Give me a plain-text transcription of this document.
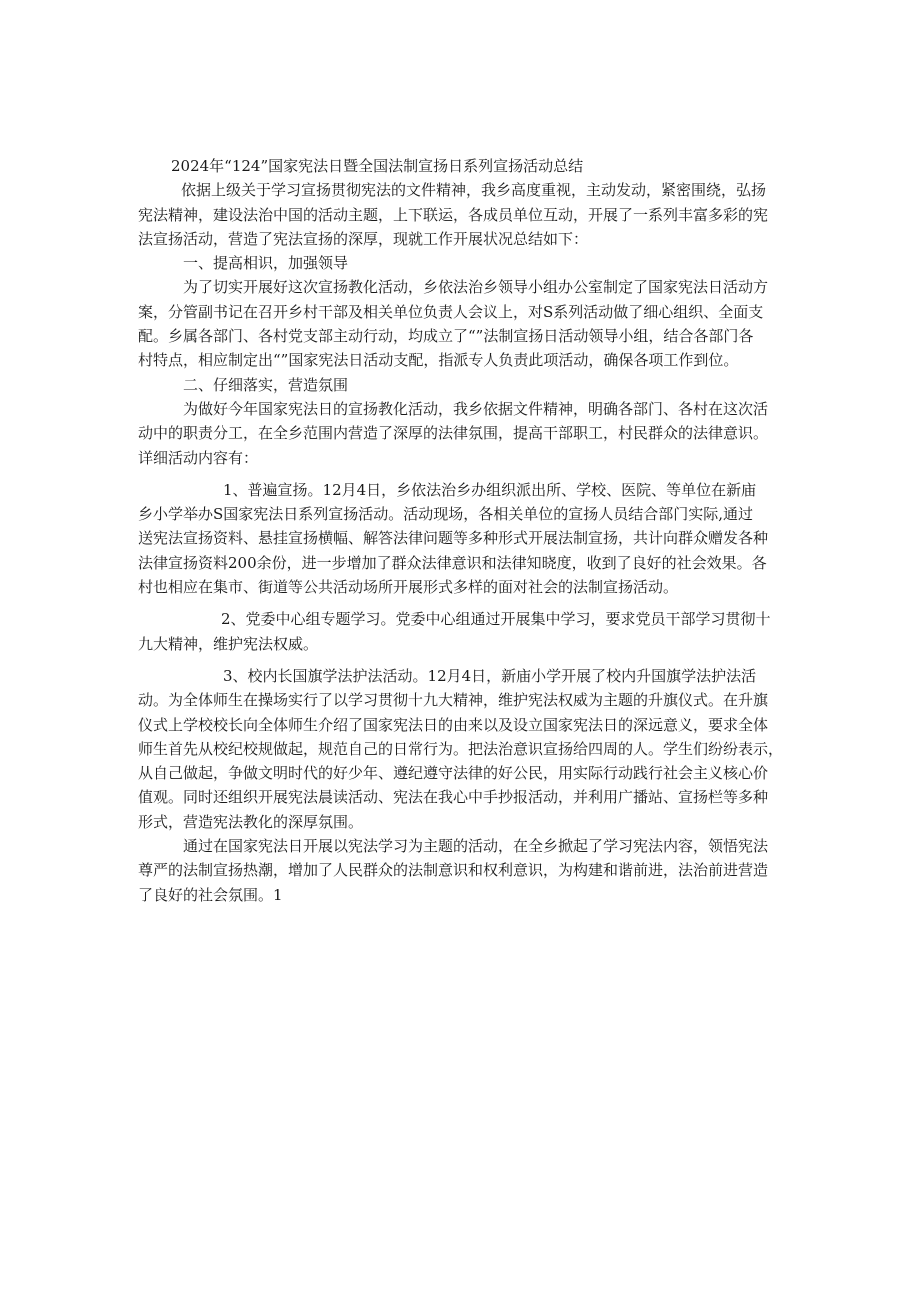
2024年“124”国家宪法日暨全国法制宣扬日系列宣扬活动总结
依据上级关于学习宣扬贯彻宪法的文件精神，我乡高度重视，主动发动，紧密围绕，弘扬
宪法精神，建设法治中国的活动主题，上下联运，各成员单位互动，开展了一系列丰富多彩的宪
法宣扬活动，营造了宪法宣扬的深厚，现就工作开展状况总结如下：
一、提高相识，加强领导
为了切实开展好这次宣扬教化活动，乡依法治乡领导小组办公室制定了国家宪法日活动方
案，分管副书记在召开乡村干部及相关单位负责人会议上，对S系列活动做了细心组织、全面支
配。乡属各部门、各村党支部主动行动，均成立了“”法制宣扬日活动领导小组，结合各部门各
村特点，相应制定出“”国家宪法日活动支配，指派专人负责此项活动，确保各项工作到位。
二、仔细落实，营造氛围
为做好今年国家宪法日的宣扬教化活动，我乡依据文件精神，明确各部门、各村在这次活
动中的职责分工，在全乡范围内营造了深厚的法律氛围，提高干部职工，村民群众的法律意识。
详细活动内容有：
1、普遍宣扬。12月4日，乡依法治乡办组织派出所、学校、医院、等单位在新庙
乡小学举办S国家宪法日系列宣扬活动。活动现场，各相关单位的宣扬人员结合部门实际,通过
送宪法宣扬资料、悬挂宣扬横幅、解答法律问题等多种形式开展法制宣扬，共计向群众赠发各种
法律宣扬资料200余份，进一步增加了群众法律意识和法律知晓度，收到了良好的社会效果。各
村也相应在集市、街道等公共活动场所开展形式多样的面对社会的法制宣扬活动。
2、党委中心组专题学习。党委中心组通过开展集中学习，要求党员干部学习贯彻十
九大精神，维护宪法权威。
3、校内长国旗学法护法活动。12月4日，新庙小学开展了校内升国旗学法护法活
动。为全体师生在操场实行了以学习贯彻十九大精神，维护宪法权威为主题的升旗仪式。在升旗
仪式上学校校长向全体师生介绍了国家宪法日的由来以及设立国家宪法日的深远意义，要求全体
师生首先从校纪校规做起，规范自己的日常行为。把法治意识宣扬给四周的人。学生们纷纷表示，
从自己做起，争做文明时代的好少年、遵纪遵守法律的好公民，用实际行动践行社会主义核心价
值观。同时还组织开展宪法晨读活动、宪法在我心中手抄报活动，并利用广播站、宣扬栏等多种
形式，营造宪法教化的深厚氛围。
通过在国家宪法日开展以宪法学习为主题的活动，在全乡掀起了学习宪法内容，领悟宪法
尊严的法制宣扬热潮，增加了人民群众的法制意识和权利意识，为构建和谐前进，法治前进营造
了良好的社会氛围。1
